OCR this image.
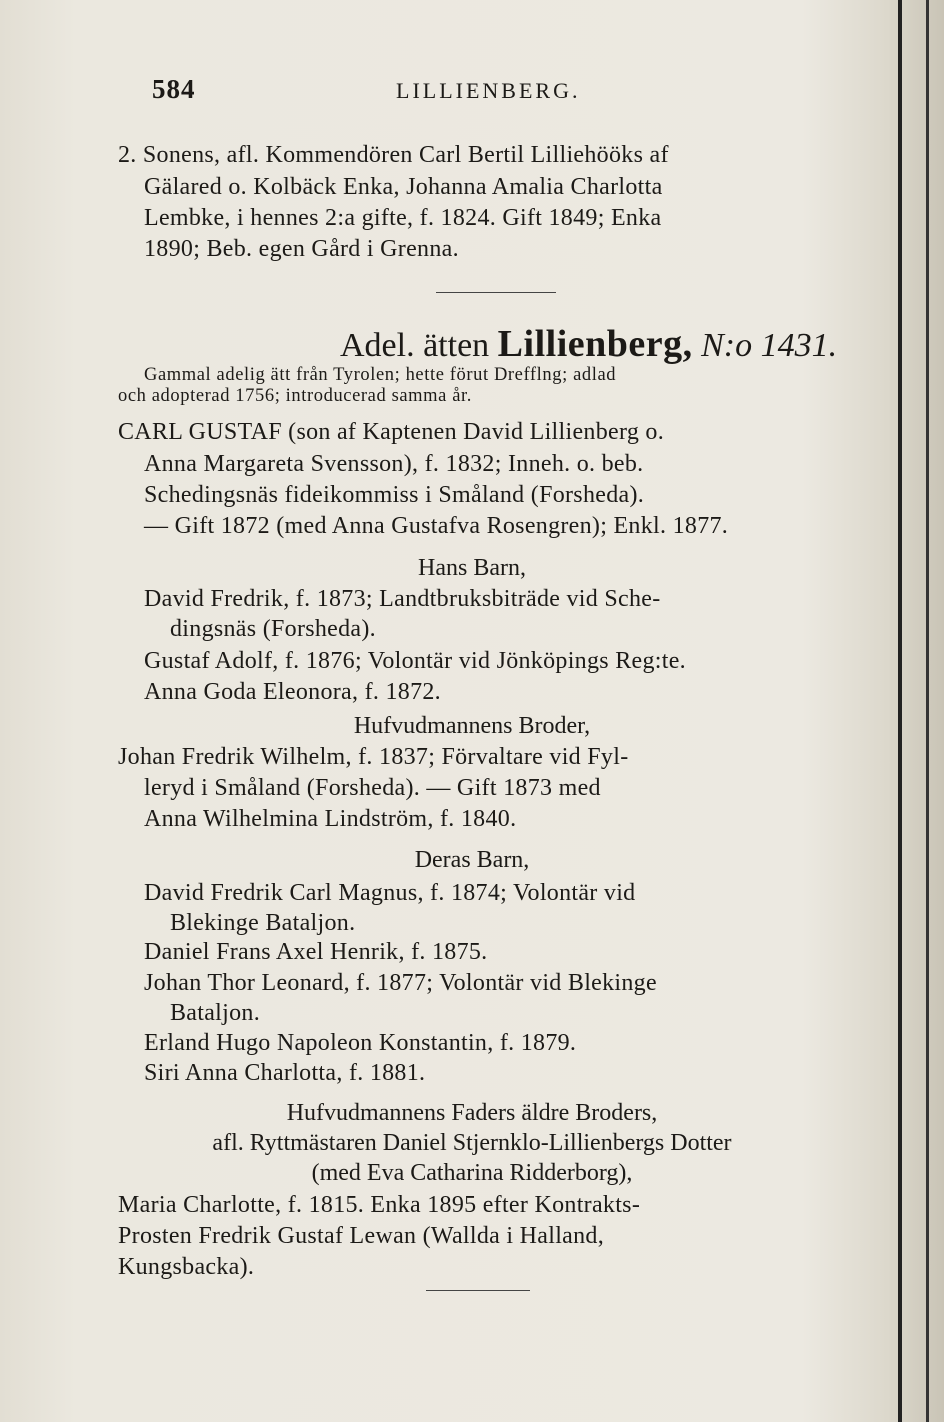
584	LILLIENBERG.
2. Sonens, afl. Kommendören Carl Bertil Lilliehööks af
Gälared o. Kolbäck Enka, Johanna Amalia Charlotta
Lembke, i hennes 2:a gifte, f. 1824. Gift 1849; Enka
1890; Beb. egen Gård i Grenna.
Adel. ätten Lillienberg, N:o 1431.
Gammal adelig ätt från Tyrolen; hette förut Drefflng; adlad
och adopterad 1756; introducerad samma år.
CARL GUSTAF (son af Kaptenen David Lillienberg o.
Anna Margareta Svensson), f. 1832; Inneh. o. beb.
Schedingsnäs fideikommiss i Småland (Forsheda).
— Gift 1872 (med Anna Gustafva Rosengren); Enkl. 1877.
Hans Barn,
David Fredrik, f. 1873; Landtbruksbiträde vid Sche-
dingsnäs (Forsheda).
Gustaf Adolf, f. 1876; Volontär vid Jönköpings Reg:te.
Anna Goda Eleonora, f. 1872.
Hufvudmannens Broder,
Johan Fredrik Wilhelm, f. 1837; Förvaltare vid Fyl-
leryd i Småland (Forsheda). — Gift 1873 med
Anna Wilhelmina Lindström, f. 1840.
Deras Barn,
David Fredrik Carl Magnus, f. 1874; Volontär vid
Blekinge Bataljon.
Daniel Frans Axel Henrik, f. 1875.
Johan Thor Leonard, f. 1877; Volontär vid Blekinge
Bataljon.
Erland Hugo Napoleon Konstantin, f. 1879.
Siri Anna Charlotta, f. 1881.
Hufvudmannens Faders äldre Broders,
afl. Ryttmästaren Daniel Stjernklo-Lillienbergs Dotter
(med Eva Catharina Ridderborg),
Maria Charlotte, f. 1815. Enka 1895 efter Kontrakts-
Prosten Fredrik Gustaf Lewan (Wallda i Halland,
Kungsbacka).
